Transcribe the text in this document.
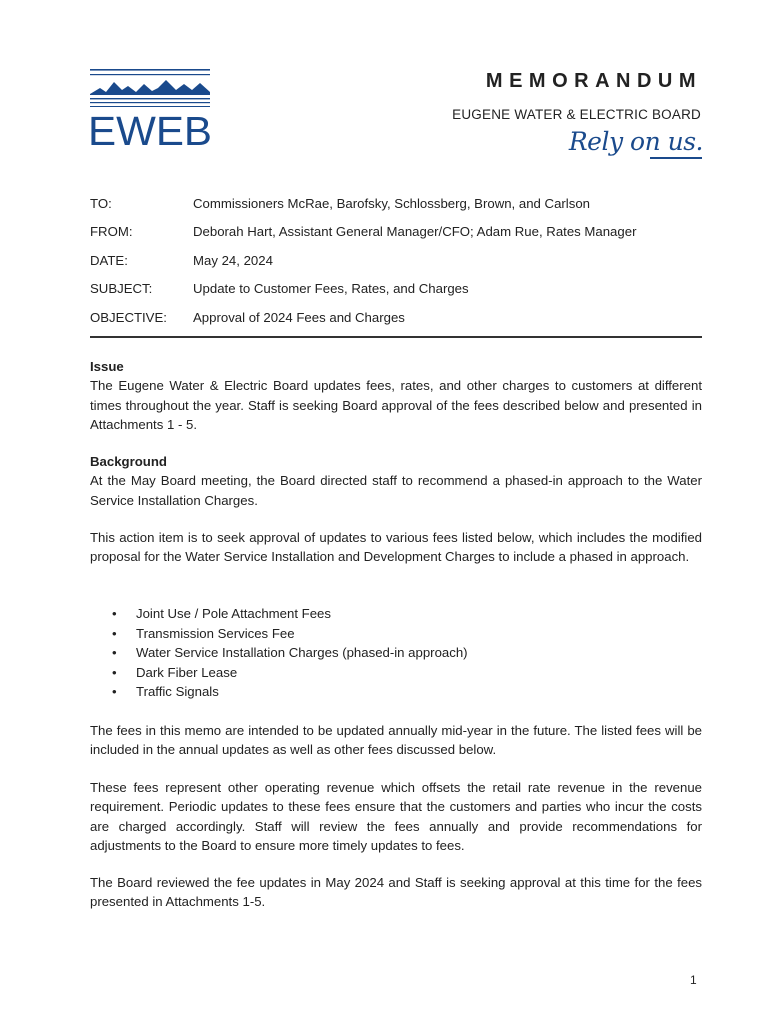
EWEB
MEMORANDUM
EUGENE WATER & ELECTRIC BOARD
Rely on us.
TO:	Commissioners McRae, Barofsky, Schlossberg, Brown, and Carlson
FROM:	Deborah Hart, Assistant General Manager/CFO; Adam Rue, Rates Manager
DATE:	May 24, 2024
SUBJECT:	Update to Customer Fees, Rates, and Charges
OBJECTIVE:	Approval of 2024 Fees and Charges
Issue
The Eugene Water & Electric Board updates fees, rates, and other charges to customers at different times throughout the year. Staff is seeking Board approval of the fees described below and presented in Attachments 1 - 5.
Background
At the May Board meeting, the Board directed staff to recommend a phased-in approach to the Water Service Installation Charges.
This action item is to seek approval of updates to various fees listed below, which includes the modified proposal for the Water Service Installation and Development Charges to include a phased in approach.
• Joint Use / Pole Attachment Fees
• Transmission Services Fee
• Water Service Installation Charges (phased-in approach)
• Dark Fiber Lease
• Traffic Signals
The fees in this memo are intended to be updated annually mid-year in the future. The listed fees will be included in the annual updates as well as other fees discussed below.
These fees represent other operating revenue which offsets the retail rate revenue in the revenue requirement. Periodic updates to these fees ensure that the customers and parties who incur the costs are charged accordingly. Staff will review the fees annually and provide recommendations for adjustments to the Board to ensure more timely updates to fees.
The Board reviewed the fee updates in May 2024 and Staff is seeking approval at this time for the fees presented in Attachments 1-5.
1
